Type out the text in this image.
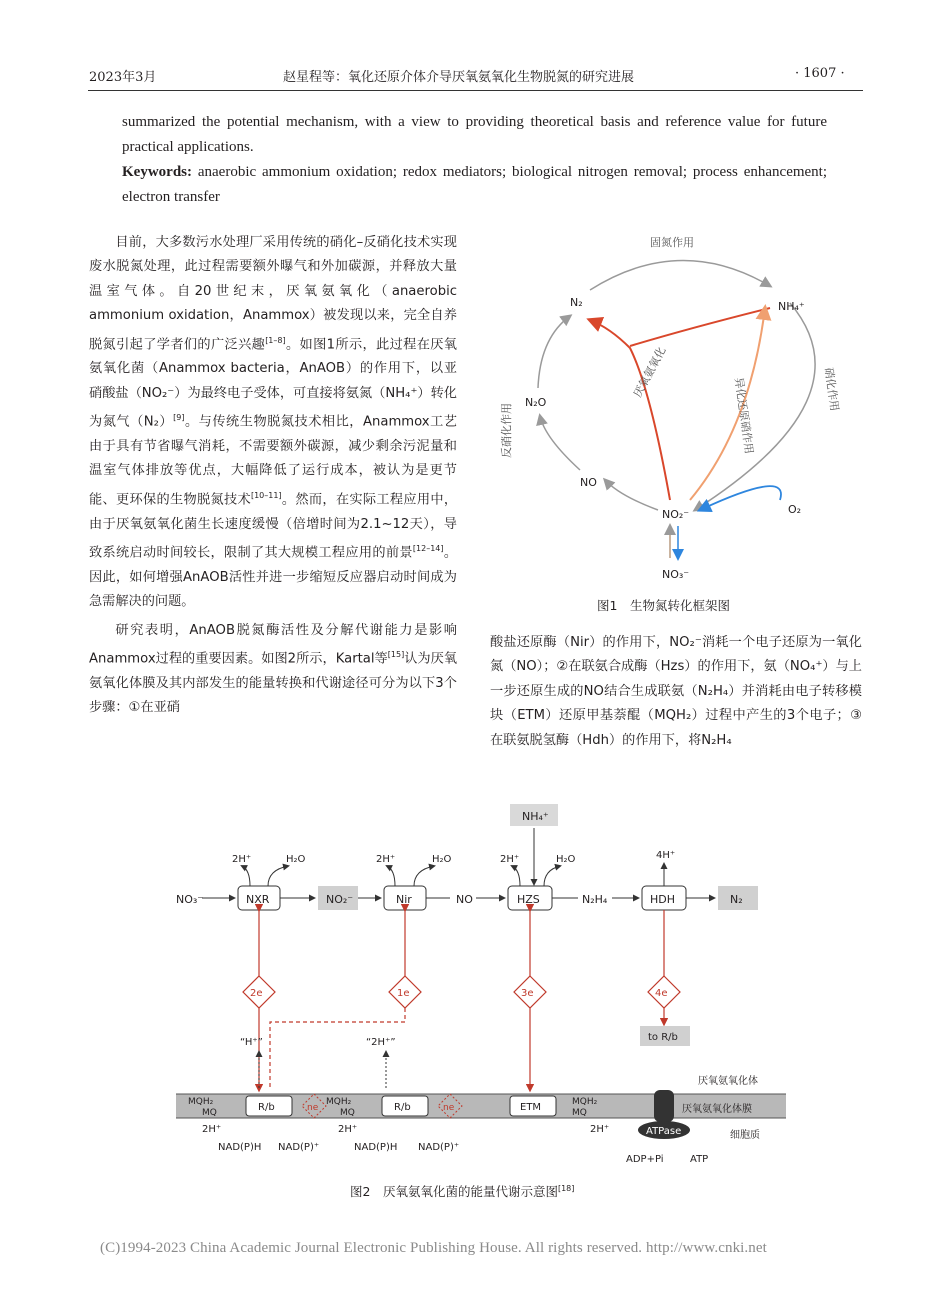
2023年3月	赵星程等：氧化还原介体介导厌氧氨氧化生物脱氮的研究进展	· 1607 ·
summarized the potential mechanism, with a view to providing theoretical basis and reference value for future practical applications.
Keywords: anaerobic ammonium oxidation; redox mediators; biological nitrogen removal; process enhancement; electron transfer

目前，大多数污水处理厂采用传统的硝化–反硝化技术实现废水脱氮处理，此过程需要额外曝气和外加碳源，并释放大量温室气体。自20世纪末，厌氧氨氧化（anaerobic ammonium oxidation，Anammox）被发现以来，完全自养脱氮引起了学者们的广泛兴趣[1–8]。如图1所示，此过程在厌氧氨氧化菌（Anammox bacteria，AnAOB）的作用下，以亚硝酸盐（NO₂⁻）为最终电子受体，可直接将氨氮（NH₄⁺）转化为氮气（N₂）[9]。与传统生物脱氮技术相比，Anammox工艺由于具有节省曝气消耗，不需要额外碳源，减少剩余污泥量和温室气体排放等优点，大幅降低了运行成本，被认为是更节能、更环保的生物脱氮技术[10–11]。然而，在实际工程应用中，由于厌氧氨氧化菌生长速度缓慢（倍增时间为2.1~12天），导致系统启动时间较长，限制了其大规模工程应用的前景[12–14]。因此，如何增强AnAOB活性并进一步缩短反应器启动时间成为急需解决的问题。

研究表明，AnAOB脱氮酶活性及分解代谢能力是影响Anammox过程的重要因素。如图2所示，Kartal等[15]认为厌氧氨氧化体膜及其内部发生的能量转换和代谢途径可分为以下3个步骤：①在亚硝

N₂	NH₄⁺
N₂O
NO
NO₂⁻
NO₃⁻
O₂
固氮作用
厌氧氨氧化
反硝化作用	异化还原硝作用	硝化作用
图1　生物氮转化框架图

酸盐还原酶（Nir）的作用下，NO₂⁻消耗一个电子还原为一氧化氮（NO）；②在联氨合成酶（Hzs）的作用下，氨（NO₄⁺）与上一步还原生成的NO结合生成联氨（N₂H₄）并消耗由电子转移模块（ETM）还原甲基萘醌（MQH₂）过程中产生的3个电子；③在联氨脱氢酶（Hdh）的作用下，将N₂H₄

NH₄⁺
NO₃⁻	NXR	NO₂⁻	Nir	NO	HZS	N₂H₄	HDH	N₂
2H⁺	H₂O	2H⁺	H₂O	2H⁺	H₂O	4H⁺
2e	1e	3e	4e
to R/b
“H⁺”	“2H⁺”
厌氧氨氧化体
厌氧氨氧化体膜
细胞质
R/b	ne	R/b	ne	ETM
MQH₂
MQ
MQH₂
MQ
MQH₂
MQ
ATPase
ADP+Pi	ATP
2H⁺
NAD(P)H NAD(P)⁺
2H⁺
NAD(P)H NAD(P)⁺
2H⁺
图2　厌氧氨氧化菌的能量代谢示意图[18]
(C)1994-2023 China Academic Journal Electronic Publishing House. All rights reserved. http://www.cnki.net
